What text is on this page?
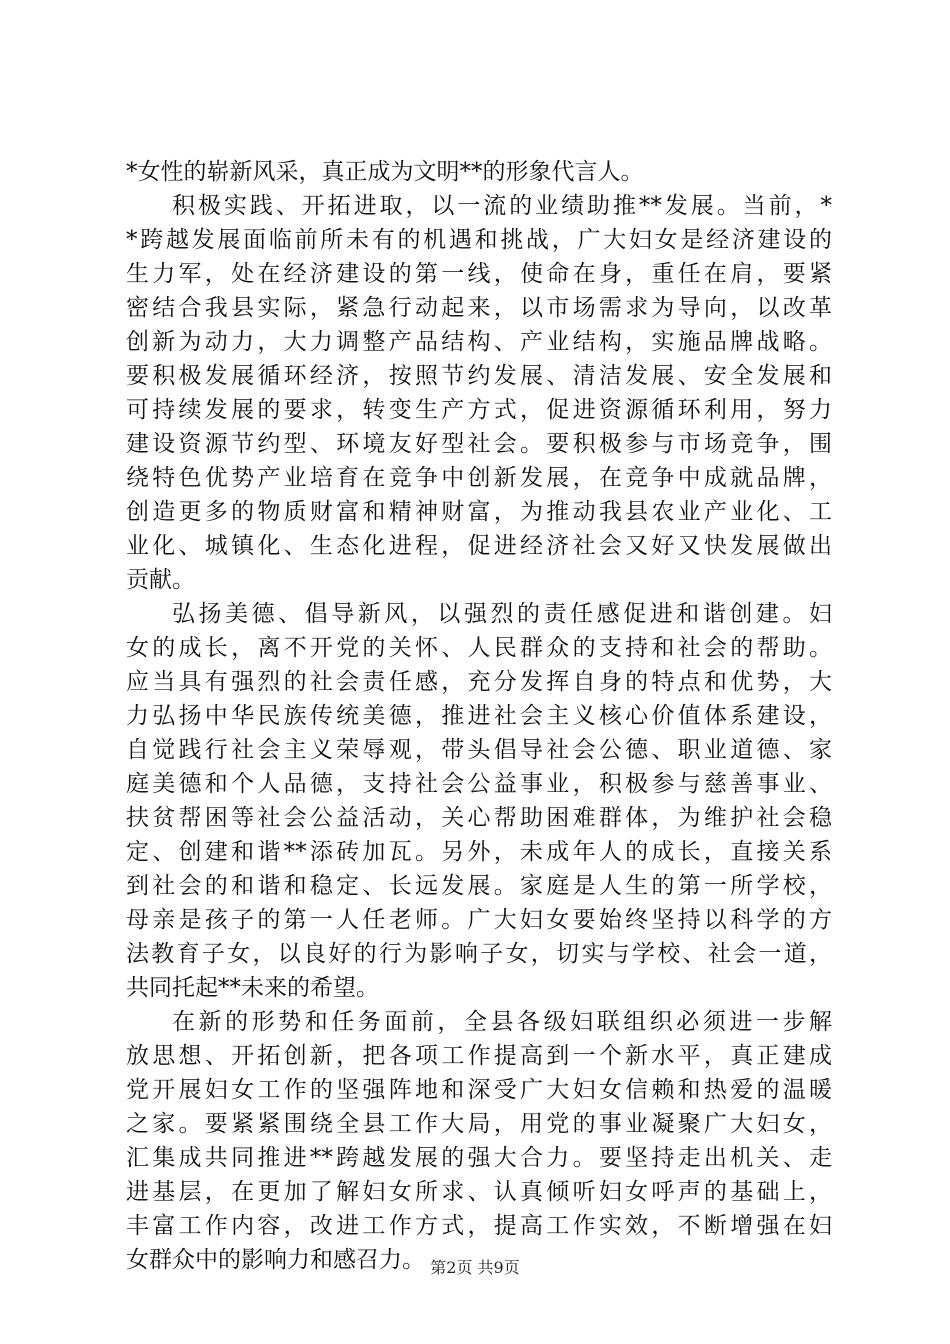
*女性的崭新风采，真正成为文明**的形象代言人。
积极实践、开拓进取，以一流的业绩助推**发展。当前，*
*跨越发展面临前所未有的机遇和挑战，广大妇女是经济建设的
生力军，处在经济建设的第一线，使命在身，重任在肩，要紧
密结合我县实际，紧急行动起来，以市场需求为导向，以改革
创新为动力，大力调整产品结构、产业结构，实施品牌战略。
要积极发展循环经济，按照节约发展、清洁发展、安全发展和
可持续发展的要求，转变生产方式，促进资源循环利用，努力
建设资源节约型、环境友好型社会。要积极参与市场竞争，围
绕特色优势产业培育在竞争中创新发展，在竞争中成就品牌，
创造更多的物质财富和精神财富，为推动我县农业产业化、工
业化、城镇化、生态化进程，促进经济社会又好又快发展做出
贡献。
弘扬美德、倡导新风，以强烈的责任感促进和谐创建。妇
女的成长，离不开党的关怀、人民群众的支持和社会的帮助。
应当具有强烈的社会责任感，充分发挥自身的特点和优势，大
力弘扬中华民族传统美德，推进社会主义核心价值体系建设，
自觉践行社会主义荣辱观，带头倡导社会公德、职业道德、家
庭美德和个人品德，支持社会公益事业，积极参与慈善事业、
扶贫帮困等社会公益活动，关心帮助困难群体，为维护社会稳
定、创建和谐**添砖加瓦。另外，未成年人的成长，直接关系
到社会的和谐和稳定、长远发展。家庭是人生的第一所学校，
母亲是孩子的第一人任老师。广大妇女要始终坚持以科学的方
法教育子女，以良好的行为影响子女，切实与学校、社会一道，
共同托起**未来的希望。
在新的形势和任务面前，全县各级妇联组织必须进一步解
放思想、开拓创新，把各项工作提高到一个新水平，真正建成
党开展妇女工作的坚强阵地和深受广大妇女信赖和热爱的温暖
之家。要紧紧围绕全县工作大局，用党的事业凝聚广大妇女，
汇集成共同推进**跨越发展的强大合力。要坚持走出机关、走
进基层，在更加了解妇女所求、认真倾听妇女呼声的基础上，
丰富工作内容，改进工作方式，提高工作实效，不断增强在妇
女群众中的影响力和感召力。 第2页 共9页
